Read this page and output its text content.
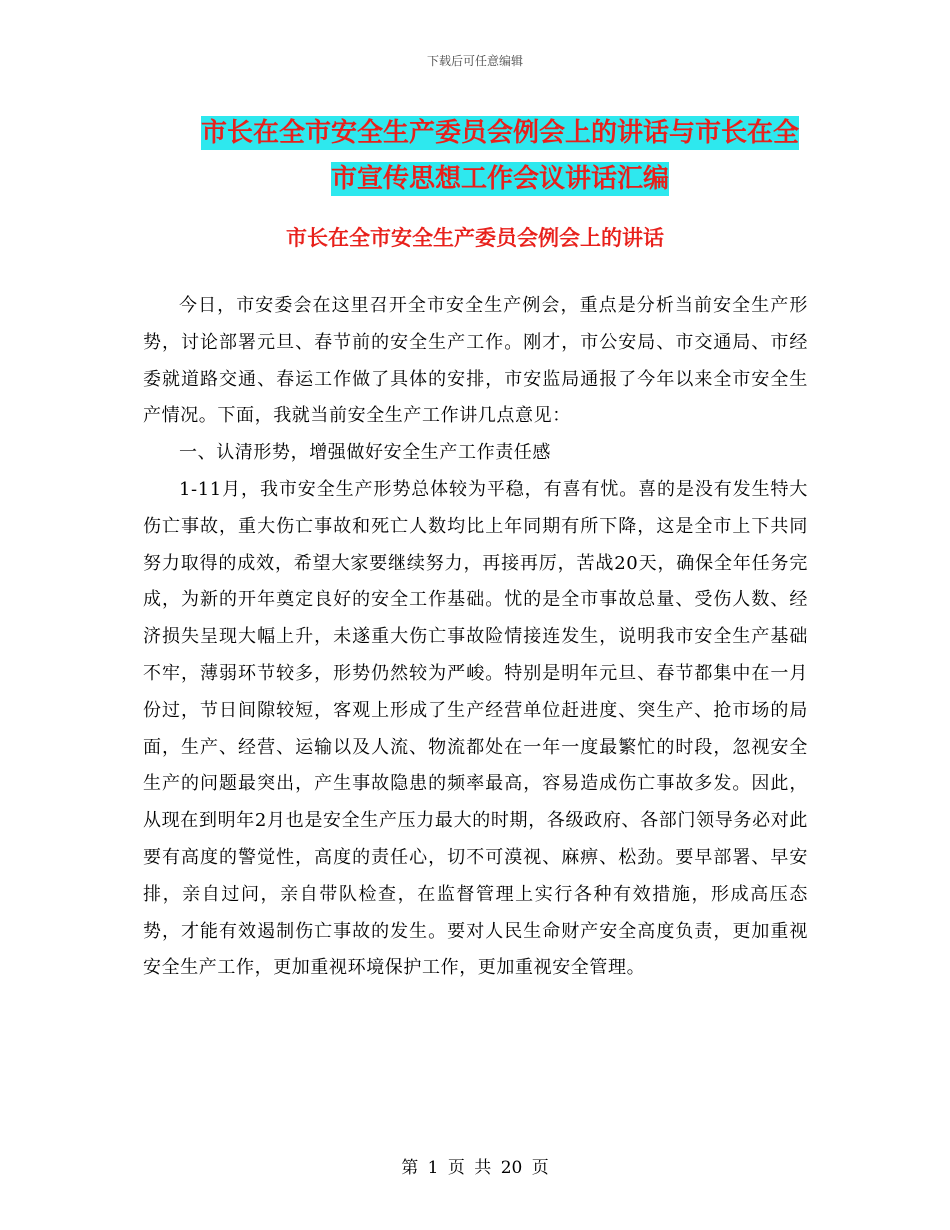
下载后可任意编辑
市长在全市安全生产委员会例会上的讲话与市长在全
市宣传思想工作会议讲话汇编
市长在全市安全生产委员会例会上的讲话

今日，市安委会在这里召开全市安全生产例会，重点是分析当前安全生产形势，讨论部署元旦、春节前的安全生产工作。刚才，市公安局、市交通局、市经委就道路交通、春运工作做了具体的安排，市安监局通报了今年以来全市安全生产情况。下面，我就当前安全生产工作讲几点意见：

一、认清形势，增强做好安全生产工作责任感

1-11月，我市安全生产形势总体较为平稳，有喜有忧。喜的是没有发生特大伤亡事故，重大伤亡事故和死亡人数均比上年同期有所下降，这是全市上下共同努力取得的成效，希望大家要继续努力，再接再厉，苦战20天，确保全年任务完成，为新的开年奠定良好的安全工作基础。忧的是全市事故总量、受伤人数、经济损失呈现大幅上升，未遂重大伤亡事故险情接连发生，说明我市安全生产基础不牢，薄弱环节较多，形势仍然较为严峻。特别是明年元旦、春节都集中在一月份过，节日间隙较短，客观上形成了生产经营单位赶进度、突生产、抢市场的局面，生产、经营、运输以及人流、物流都处在一年一度最繁忙的时段，忽视安全生产的问题最突出，产生事故隐患的频率最高，容易造成伤亡事故多发。因此，从现在到明年2月也是安全生产压力最大的时期，各级政府、各部门领导务必对此要有高度的警觉性，高度的责任心，切不可漠视、麻痹、松劲。要早部署、早安排，亲自过问，亲自带队检查，在监督管理上实行各种有效措施，形成高压态势，才能有效遏制伤亡事故的发生。要对人民生命财产安全高度负责，更加重视安全生产工作，更加重视环境保护工作，更加重视安全管理。

第 1 页 共 20 页
